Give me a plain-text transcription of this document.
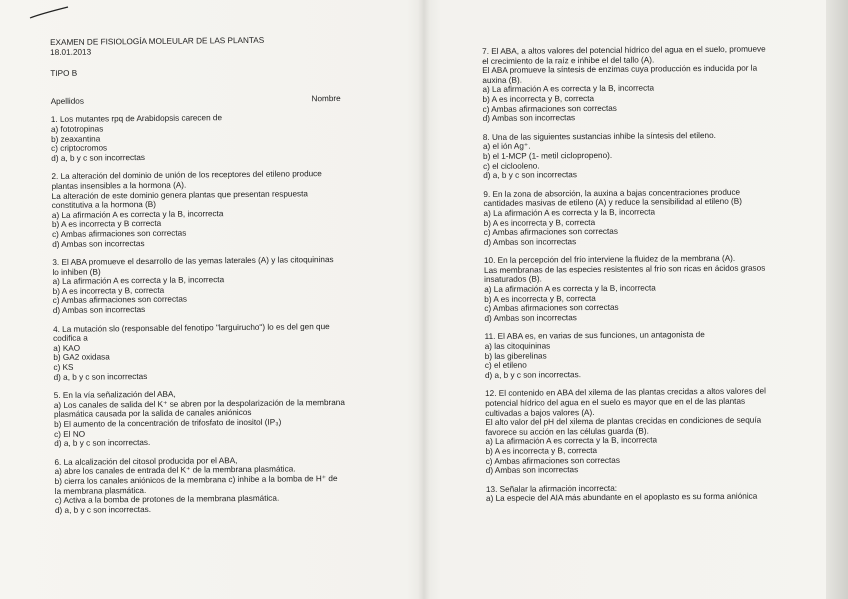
EXAMEN DE FISIOLOGÍA MOLEULAR DE LAS PLANTAS

18.01.2013

TIPO B

Apellidos	Nombre

1. Los mutantes rpq de Arabidopsis carecen de

a) fototropinas

b) zeaxantina

c) criptocromos

d) a, b y c son incorrectas

2. La alteración del dominio de unión de los receptores del etileno produce

plantas insensibles a la hormona (A).

La alteración de este dominio genera plantas que presentan respuesta

constitutiva a la hormona (B)

a) La afirmación A es correcta y la B, incorrecta

b) A es incorrecta y B correcta

c) Ambas afirmaciones son correctas

d) Ambas son incorrectas

3. El ABA promueve el desarrollo de las yemas laterales (A) y las citoquininas

lo inhiben (B)

a) La afirmación A es correcta y la B, incorrecta

b) A es incorrecta y B, correcta

c) Ambas afirmaciones son correctas

d) Ambas son incorrectas

4. La mutación slo (responsable del fenotipo "larguirucho") lo es del gen que

codifica a

a) KAO

b) GA2 oxidasa

c) KS

d) a, b y c son incorrectas

5. En la vía señalización del ABA,

a) Los canales de salida del K⁺ se abren por la despolarización de la membrana

plasmática causada por la salida de canales aniónicos

b) El aumento de la concentración de trifosfato de inositol (IP₃)

c) El NO

d) a, b y c son incorrectas.

6. La alcalización del citosol producida por el ABA,

a) abre los canales de entrada del K⁺ de la membrana plasmática.

b) cierra los canales aniónicos de la membrana c) inhibe a la bomba de H⁺ de

la membrana plasmática.

c) Activa a la bomba de protones de la membrana plasmática.

d) a, b y c son incorrectas.

7. El ABA, a altos valores del potencial hídrico del agua en el suelo, promueve

el crecimiento de la raíz e inhibe el del tallo (A).

El ABA promueve la síntesis de enzimas cuya producción es inducida por la

auxina (B).

a) La afirmación A es correcta y la B, incorrecta

b) A es incorrecta y B, correcta

c) Ambas afirmaciones son correctas

d) Ambas son incorrectas

8. Una de las siguientes sustancias inhibe la síntesis del etileno.

a) el ión Ag⁺.

b) el 1-MCP (1- metil ciclopropeno).

c) el ciclooleno.

d) a, b y c son incorrectas

9. En la zona de absorción, la auxina a bajas concentraciones produce

cantidades masivas de etileno (A) y reduce la sensibilidad al etileno (B)

a) La afirmación A es correcta y la B, incorrecta

b) A es incorrecta y B, correcta

c) Ambas afirmaciones son correctas

d) Ambas son incorrectas

10. En la percepción del frío interviene la fluidez de la membrana (A).

Las membranas de las especies resistentes al frío son ricas en ácidos grasos

insaturados (B).

a) La afirmación A es correcta y la B, incorrecta

b) A es incorrecta y B, correcta

c) Ambas afirmaciones son correctas

d) Ambas son incorrectas

11. El ABA es, en varias de sus funciones, un antagonista de

a) las citoquininas

b) las giberelinas

c) el etileno

d) a, b y c son incorrectas.

12. El contenido en ABA del xilema de las plantas crecidas a altos valores del

potencial hídrico del agua en el suelo es mayor que en el de las plantas

cultivadas a bajos valores (A).

El alto valor del pH del xilema de plantas crecidas en condiciones de sequía

favorece su acción en las células guarda (B).

a) La afirmación A es correcta y la B, incorrecta

b) A es incorrecta y B, correcta

c) Ambas afirmaciones son correctas

d) Ambas son incorrectas

13. Señalar la afirmación incorrecta:

a) La especie del AIA más abundante en el apoplasto es su forma aniónica
